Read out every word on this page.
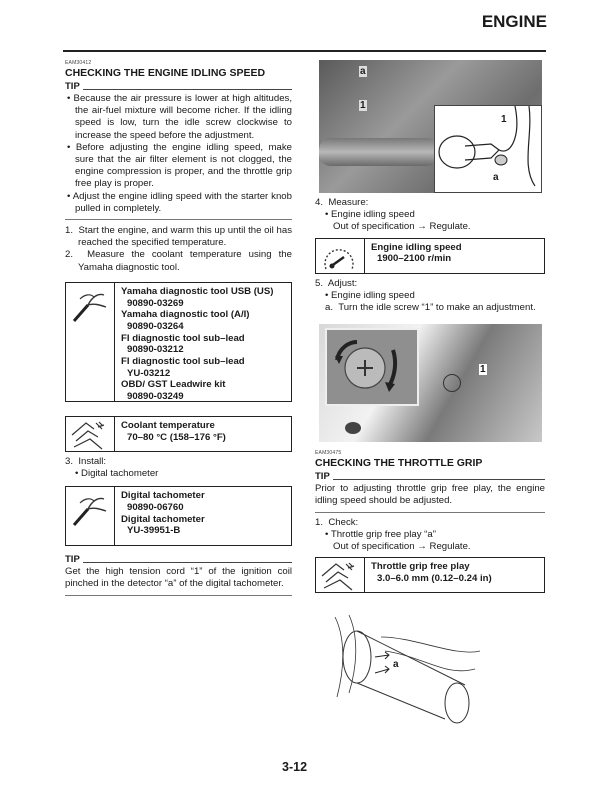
ENGINE
EAM30412
CHECKING THE ENGINE IDLING SPEED
TIP
• Because the air pressure is lower at high altitudes, the air-fuel mixture will become richer. If the idling speed is low, turn the idle screw clockwise to increase the speed before the adjustment.
• Before adjusting the engine idling speed, make sure that the air filter element is not clogged, the engine compression is proper, and the throttle grip free play is proper.
• Adjust the engine idling speed with the starter knob pulled in completely.
1. Start the engine, and warm this up until the oil has reached the specified temperature.
2. Measure the coolant temperature using the Yamaha diagnostic tool.
Yamaha diagnostic tool USB (US)
90890-03269
Yamaha diagnostic tool (A/I)
90890-03264
FI diagnostic tool sub–lead
90890-03212
FI diagnostic tool sub–lead
YU-03212
OBD/ GST Leadwire kit
90890-03249
Coolant temperature
70–80 °C (158–176 °F)
3. Install:
• Digital tachometer
Digital tachometer
90890-06760
Digital tachometer
YU-39951-B
TIP
Get the high tension cord “1” of the ignition coil pinched in the detector “a” of the digital tachometer.
a
1
1
a
4. Measure:
• Engine idling speed
Out of specification → Regulate.
Engine idling speed
1900–2100 r/min
5. Adjust:
• Engine idling speed
a. Turn the idle screw “1” to make an adjustment.
1
EAM30475
CHECKING THE THROTTLE GRIP
TIP
Prior to adjusting throttle grip free play, the engine idling speed should be adjusted.
1. Check:
• Throttle grip free play “a”
Out of specification → Regulate.
Throttle grip free play
3.0–6.0 mm (0.12–0.24 in)
a
3-12
